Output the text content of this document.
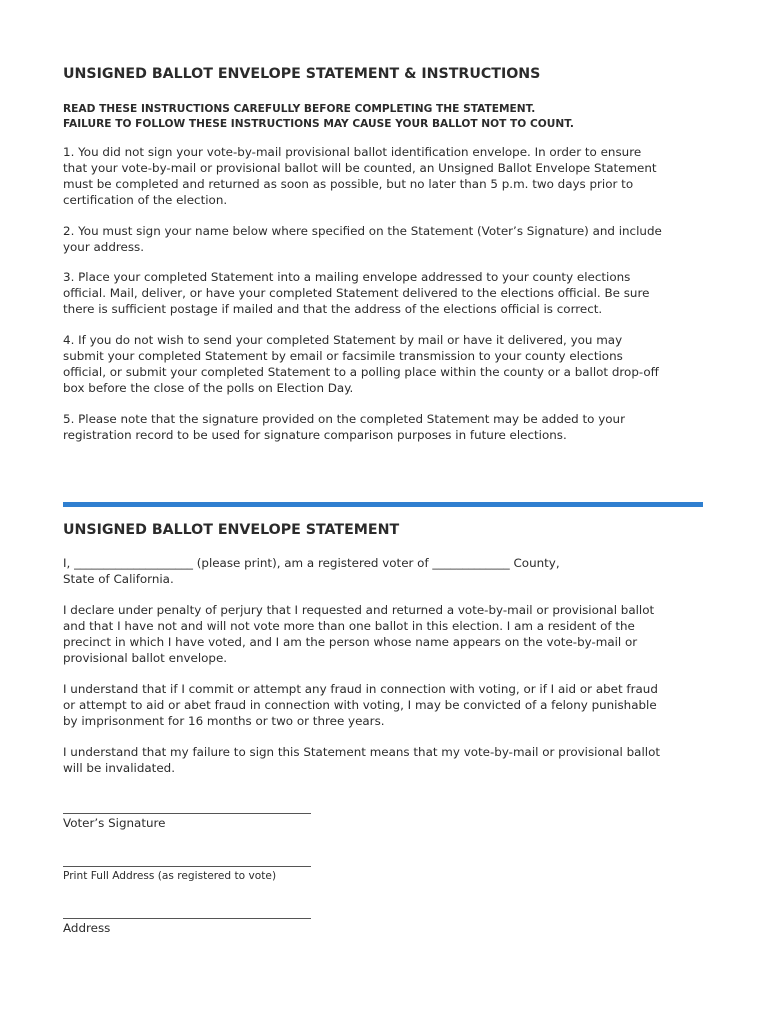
UNSIGNED BALLOT ENVELOPE STATEMENT & INSTRUCTIONS
READ THESE INSTRUCTIONS CAREFULLY BEFORE COMPLETING THE STATEMENT.
FAILURE TO FOLLOW THESE INSTRUCTIONS MAY CAUSE YOUR BALLOT NOT TO COUNT.
1. You did not sign your vote-by-mail provisional ballot identification envelope. In order to ensure
that your vote-by-mail or provisional ballot will be counted, an Unsigned Ballot Envelope Statement
must be completed and returned as soon as possible, but no later than 5 p.m. two days prior to
certification of the election.
2. You must sign your name below where specified on the Statement (Voter’s Signature) and include
your address.
3. Place your completed Statement into a mailing envelope addressed to your county elections
official. Mail, deliver, or have your completed Statement delivered to the elections official. Be sure
there is sufficient postage if mailed and that the address of the elections official is correct.
4. If you do not wish to send your completed Statement by mail or have it delivered, you may
submit your completed Statement by email or facsimile transmission to your county elections
official, or submit your completed Statement to a polling place within the county or a ballot drop-off
box before the close of the polls on Election Day.
5. Please note that the signature provided on the completed Statement may be added to your
registration record to be used for signature comparison purposes in future elections.
UNSIGNED BALLOT ENVELOPE STATEMENT
I, ____________________ (please print), am a registered voter of _____________ County,
State of California.
I declare under penalty of perjury that I requested and returned a vote-by-mail or provisional ballot
and that I have not and will not vote more than one ballot in this election. I am a resident of the
precinct in which I have voted, and I am the person whose name appears on the vote-by-mail or
provisional ballot envelope.
I understand that if I commit or attempt any fraud in connection with voting, or if I aid or abet fraud
or attempt to aid or abet fraud in connection with voting, I may be convicted of a felony punishable
by imprisonment for 16 months or two or three years.
I understand that my failure to sign this Statement means that my vote-by-mail or provisional ballot
will be invalidated.
Voter’s Signature
Print Full Address (as registered to vote)
Address
